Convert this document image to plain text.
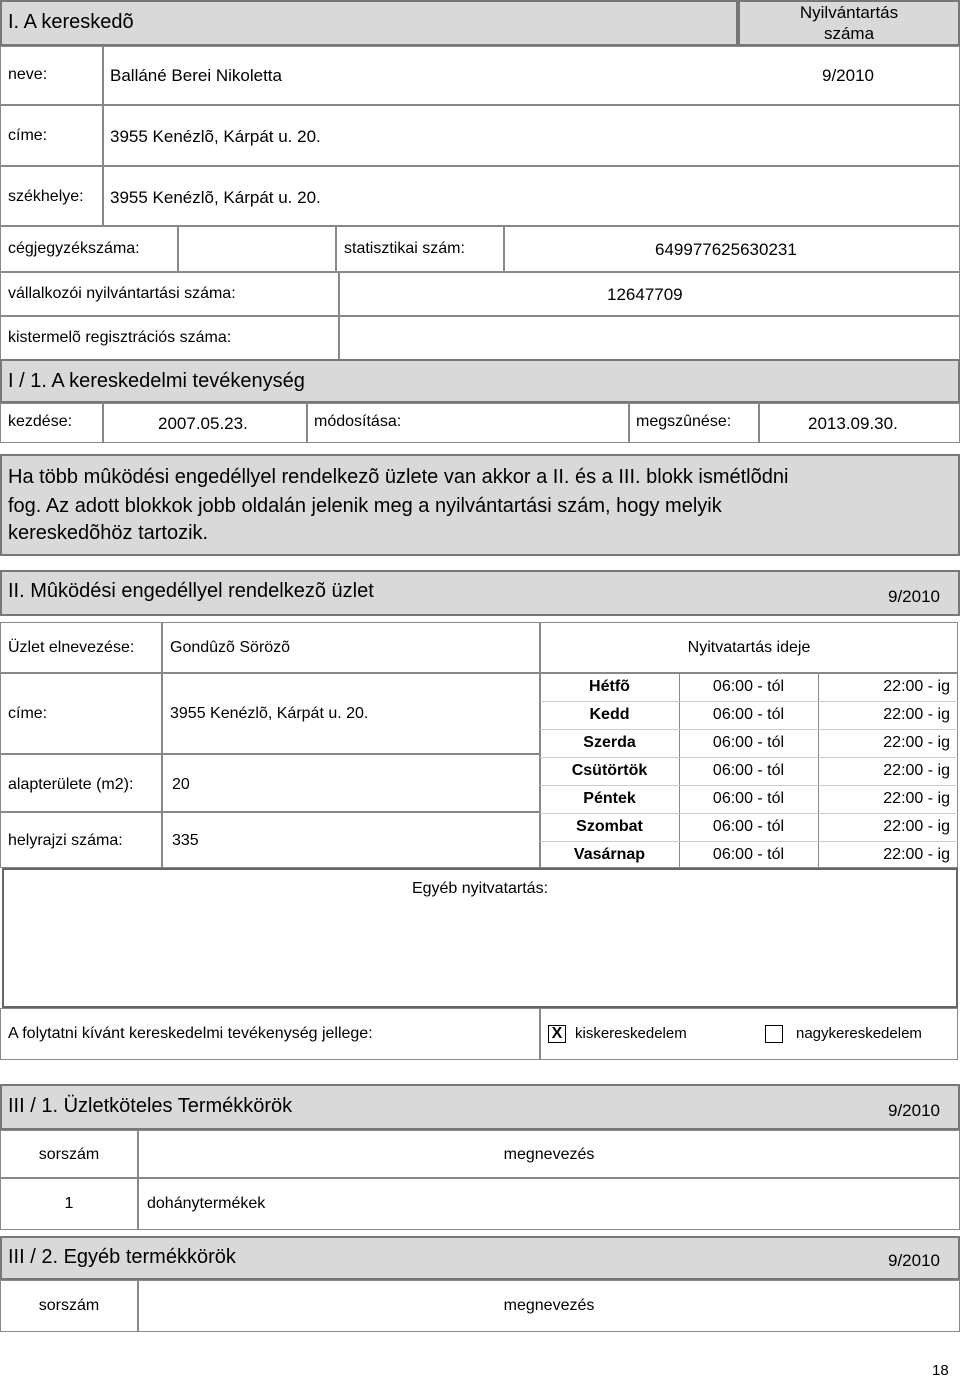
I. A kereskedõ	Nyilvántartás
száma
neve:	Balláné Berei Nikoletta	9/2010
címe:	3955 Kenézlõ, Kárpát u. 20.
székhelye: 3955 Kenézlõ, Kárpát u. 20.
cégjegyzékszáma:	statisztikai szám:	649977625630231
vállalkozói nyilvántartási száma:	12647709
kistermelõ regisztrációs száma:
I / 1. A kereskedelmi tevékenység
kezdése:	2007.05.23.	módosítása:	megszûnése:	2013.09.30.
Ha több mûködési engedéllyel rendelkezõ üzlete van akkor a II. és a III. blokk ismétlõdni
fog. Az adott blokkok jobb oldalán jelenik meg a nyilvántartási szám, hogy melyik
kereskedõhöz tartozik.
II. Mûködési engedéllyel rendelkezõ üzlet	9/2010
Üzlet elnevezése: Gondûzõ Sörözõ	Nyitvatartás ideje
címe:	3955 Kenézlõ, Kárpát u. 20.
alapterülete (m2): 20
helyrajzi száma:	335
Hétfõ	06:00 - tól	22:00 - ig
Kedd	06:00 - tól	22:00 - ig
Szerda	06:00 - tól	22:00 - ig
Csütörtök	06:00 - tól	22:00 - ig
Péntek	06:00 - tól	22:00 - ig
Szombat	06:00 - tól	22:00 - ig
Vasárnap	06:00 - tól	22:00 - ig
Egyéb nyitvatartás:
A folytatni kívánt kereskedelmi tevékenység jellege:	X kiskereskedelem	nagykereskedelem
III / 1. Üzletköteles Termékkörök	9/2010
sorszám	megnevezés
1	dohánytermékek
III / 2. Egyéb termékkörök	9/2010
sorszám	megnevezés
18
